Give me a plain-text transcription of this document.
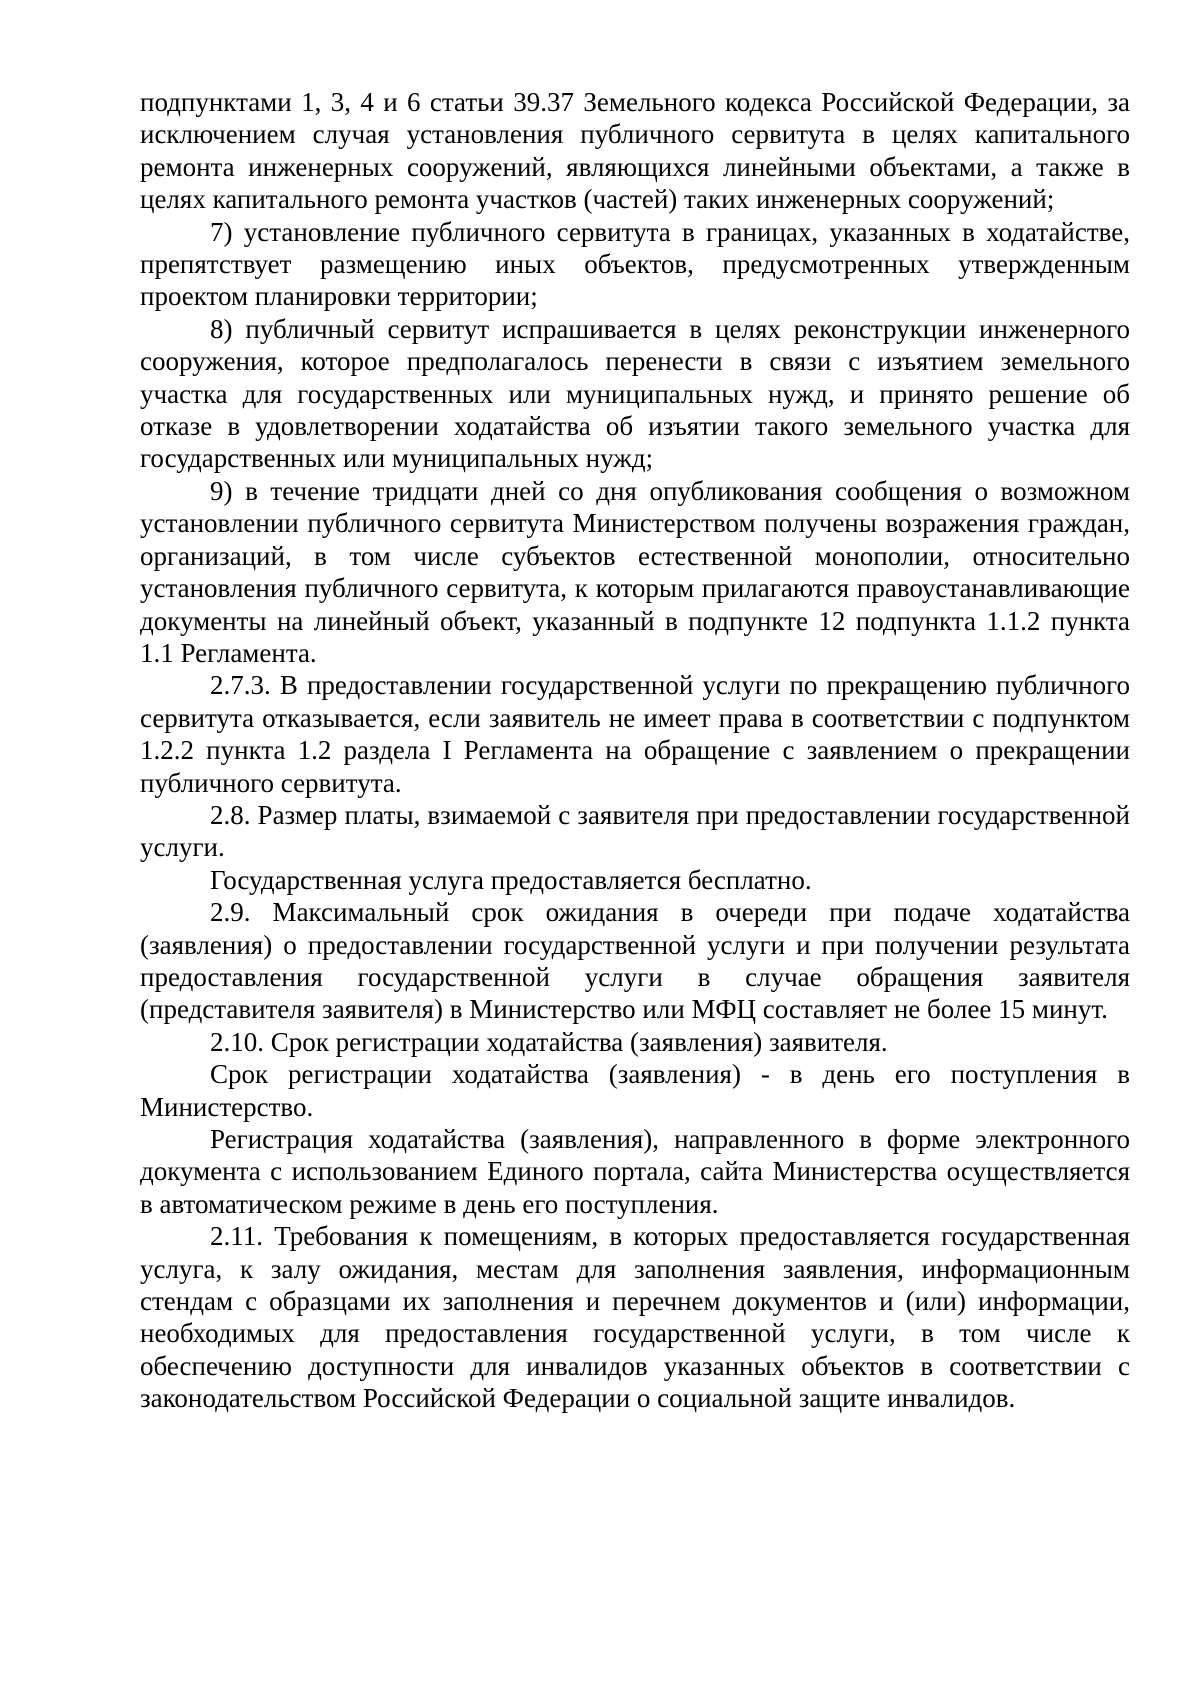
подпунктами 1, 3, 4 и 6 статьи 39.37 Земельного кодекса Российской Федерации, за исключением случая установления публичного сервитута в целях капитального ремонта инженерных сооружений, являющихся линейными объектами, а также в целях капитального ремонта участков (частей) таких инженерных сооружений;

7) установление публичного сервитута в границах, указанных в ходатайстве, препятствует размещению иных объектов, предусмотренных утвержденным проектом планировки территории;

8) публичный сервитут испрашивается в целях реконструкции инженерного сооружения, которое предполагалось перенести в связи с изъятием земельного участка для государственных или муниципальных нужд, и принято решение об отказе в удовлетворении ходатайства об изъятии такого земельного участка для государственных или муниципальных нужд;

9) в течение тридцати дней со дня опубликования сообщения о возможном установлении публичного сервитута Министерством получены возражения граждан, организаций, в том числе субъектов естественной монополии, относительно установления публичного сервитута, к которым прилагаются правоустанавливающие документы на линейный объект, указанный в подпункте 12 подпункта 1.1.2 пункта 1.1 Регламента.

2.7.3. В предоставлении государственной услуги по прекращению публичного сервитута отказывается, если заявитель не имеет права в соответствии с подпунктом 1.2.2 пункта 1.2 раздела I Регламента на обращение с заявлением о прекращении публичного сервитута.

2.8. Размер платы, взимаемой с заявителя при предоставлении государственной услуги.

Государственная услуга предоставляется бесплатно.

2.9. Максимальный срок ожидания в очереди при подаче ходатайства (заявления) о предоставлении государственной услуги и при получении результата предоставления государственной услуги в случае обращения заявителя (представителя заявителя) в Министерство или МФЦ составляет не более 15 минут.

2.10. Срок регистрации ходатайства (заявления) заявителя.

Срок регистрации ходатайства (заявления) - в день его поступления в Министерство.

Регистрация ходатайства (заявления), направленного в форме электронного документа с использованием Единого портала, сайта Министерства осуществляется в автоматическом режиме в день его поступления.

2.11. Требования к помещениям, в которых предоставляется государственная услуга, к залу ожидания, местам для заполнения заявления, информационным стендам с образцами их заполнения и перечнем документов и (или) информации, необходимых для предоставления государственной услуги, в том числе к обеспечению доступности для инвалидов указанных объектов в соответствии с законодательством Российской Федерации о социальной защите инвалидов.
